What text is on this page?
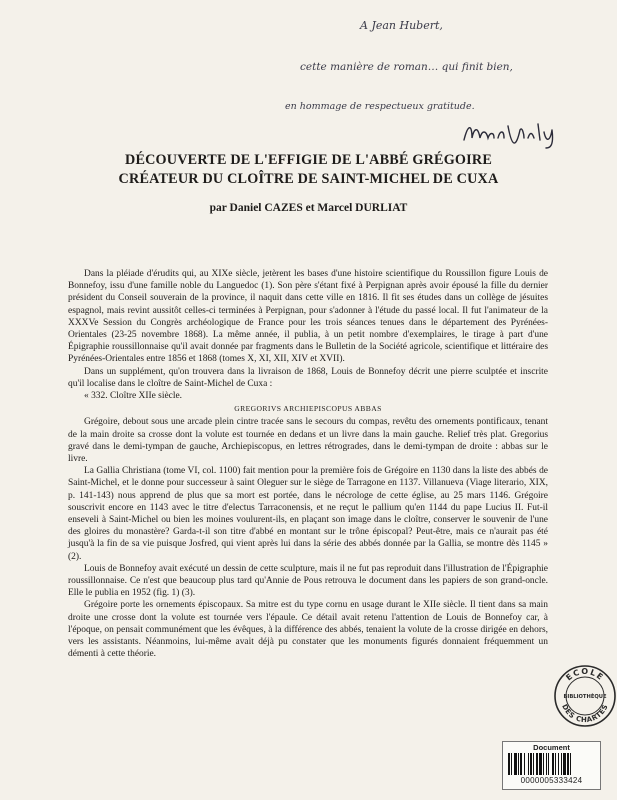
A Jean Hubert,
cette manière de roman… qui finit bien,
en hommage de respectueux gratitude.
DÉCOUVERTE DE L'EFFIGIE DE L'ABBÉ GRÉGOIRE
CRÉATEUR DU CLOÎTRE DE SAINT-MICHEL DE CUXA
par Daniel CAZES et Marcel DURLIAT

Dans la pléiade d'érudits qui, au XIXe siècle, jetèrent les bases d'une histoire scientifique du Roussillon figure Louis de Bonnefoy, issu d'une famille noble du Languedoc (1). Son père s'étant fixé à Perpignan après avoir épousé la fille du dernier président du Conseil souverain de la province, il naquit dans cette ville en 1816. Il fit ses études dans un collège de jésuites espagnol, mais revint aussitôt celles-ci terminées à Perpignan, pour s'adonner à l'étude du passé local. Il fut l'animateur de la XXXVe Session du Congrès archéologique de France pour les trois séances tenues dans le département des Pyrénées-Orientales (23-25 novembre 1868). La même année, il publia, à un petit nombre d'exemplaires, le tirage à part d'une Épigraphie roussillonnaise qu'il avait donnée par fragments dans le Bulletin de la Société agricole, scientifique et littéraire des Pyrénées-Orientales entre 1856 et 1868 (tomes X, XI, XII, XIV et XVII).

Dans un supplément, qu'on trouvera dans la livraison de 1868, Louis de Bonnefoy décrit une pierre sculptée et inscrite qu'il localise dans le cloître de Saint-Michel de Cuxa :

« 332. Cloître XIIe siècle.

GREGORIVS ARCHIEPISCOPUS ABBAS

Grégoire, debout sous une arcade plein cintre tracée sans le secours du compas, revêtu des ornements pontificaux, tenant de la main droite sa crosse dont la volute est tournée en dedans et un livre dans la main gauche. Relief très plat. Gregorius gravé dans le demi-tympan de gauche, Archiepiscopus, en lettres rétrogrades, dans le demi-tympan de droite : abbas sur le livre.

La Gallia Christiana (tome VI, col. 1100) fait mention pour la première fois de Grégoire en 1130 dans la liste des abbés de Saint-Michel, et le donne pour successeur à saint Oleguer sur le siège de Tarragone en 1137. Villanueva (Viage literario, XIX, p. 141-143) nous apprend de plus que sa mort est portée, dans le nécrologe de cette église, au 25 mars 1146. Grégoire souscrivit encore en 1143 avec le titre d'electus Tarraconensis, et ne reçut le pallium qu'en 1144 du pape Lucius II. Fut-il enseveli à Saint-Michel ou bien les moines voulurent-ils, en plaçant son image dans le cloître, conserver le souvenir de l'une des gloires du monastère? Garda-t-il son titre d'abbé en montant sur le trône épiscopal? Peut-être, mais ce n'aurait pas été jusqu'à la fin de sa vie puisque Josfred, qui vient après lui dans la série des abbés donnée par la Gallia, se montre dès 1145 » (2).

Louis de Bonnefoy avait exécuté un dessin de cette sculpture, mais il ne fut pas reproduit dans l'illustration de l'Épigraphie roussillonnaise. Ce n'est que beaucoup plus tard qu'Annie de Pous retrouva le document dans les papiers de son grand-oncle. Elle le publia en 1952 (fig. 1) (3).

Grégoire porte les ornements épiscopaux. Sa mitre est du type cornu en usage durant le XIIe siècle. Il tient dans sa main droite une crosse dont la volute est tournée vers l'épaule. Ce détail avait retenu l'attention de Louis de Bonnefoy car, à l'époque, on pensait communément que les évêques, à la différence des abbés, tenaient la volute de la crosse dirigée en dehors, vers les assistants. Néanmoins, lui-même avait déjà pu constater que les monuments figurés donnaient fréquemment un démenti à cette théorie.

ECOLE
DES CHARTES
BIBLIOTHÈQUE
Document
0000005333424
